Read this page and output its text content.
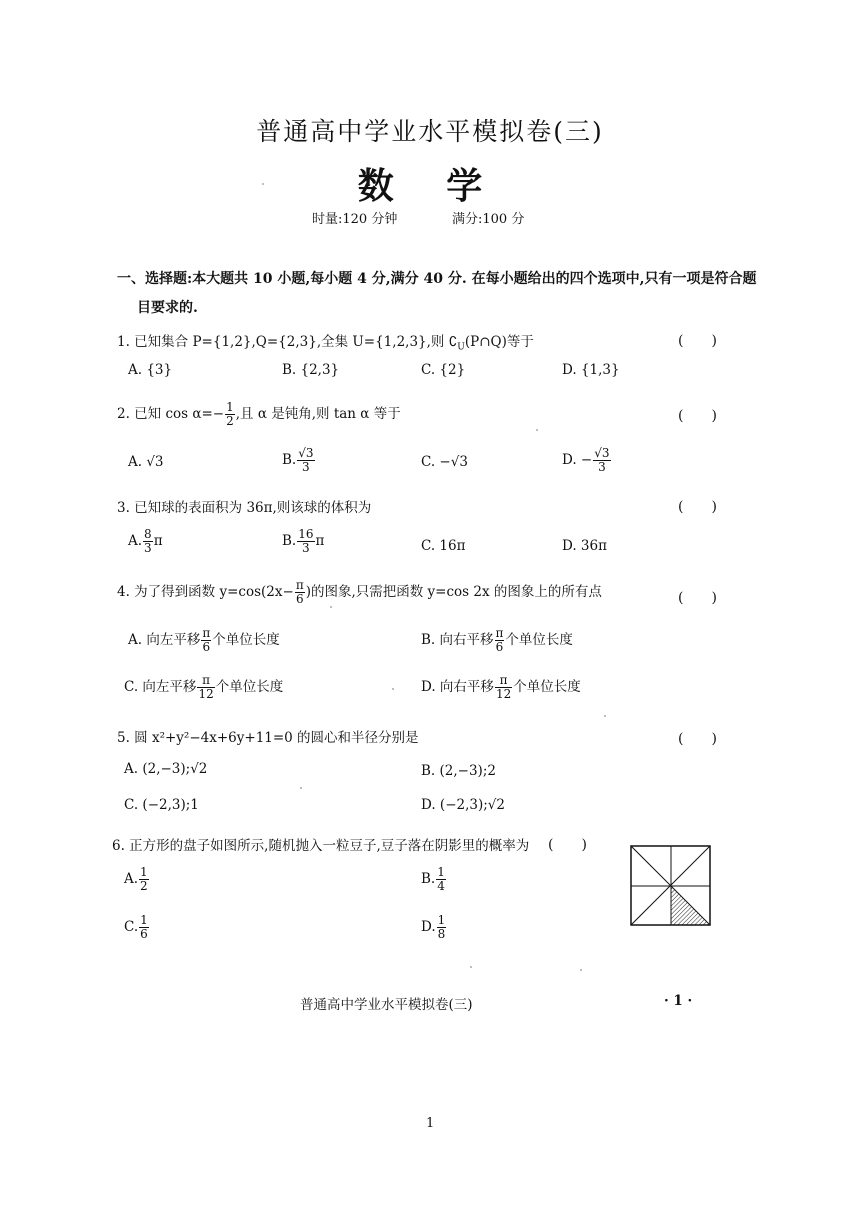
普通高中学业水平模拟卷(三)
数 学
时量:120 分钟	满分:100 分
一、选择题:本大题共 10 小题,每小题 4 分,满分 40 分. 在每小题给出的四个选项中,只有一项是符合题
目要求的.
1. 已知集合 P={1,2},Q={2,3},全集 U={1,2,3},则 $∁_U(P\cap Q)$等于	(　　)
A. {3}	B. {2,3}	C. {2}	D. {1,3}
2. 已知 $\cos \alpha=- \frac{1}{2}$ ,且 α 是钝角,则 tan α 等于	(　　)
A. √3	B. $\frac{√3}{3}$	C. −√3	D. − $\frac{√3}{3}$
3. 已知球的表面积为 36π,则该球的体积为	(　　)
A. $\frac{8}{3}$ π	B. $\frac{16}{3}$ π	C. 16π	D. 36π
4. 为了得到函数 $y=\cos(2x- \frac{\pi}{6}$ )的图象,只需把函数 y=cos 2x 的图象上的所有点	(　　)
A. 向左平移 $\frac{\pi}{6}$ 个单位长度	B. 向右平移 $\frac{\pi}{6}$ 个单位长度
C. 向左平移 $\frac{\pi}{12}$ 个单位长度	D. 向右平移 $\frac{\pi}{12}$ 个单位长度
5. 圆 x²+y²−4x+6y+11=0 的圆心和半径分别是	(　　)
A. (2,−3);√2	B. (2,−3);2
C. (−2,3);1	D. (−2,3);√2
6. 正方形的盘子如图所示,随机抛入一粒豆子,豆子落在阴影里的概率为 (　　)
A. $\frac{1}{2}$	B. $\frac{1}{4}$
C. $\frac{1}{6}$	D. $\frac{1}{8}$
普通高中学业水平模拟卷(三)	· 1 ·
1
